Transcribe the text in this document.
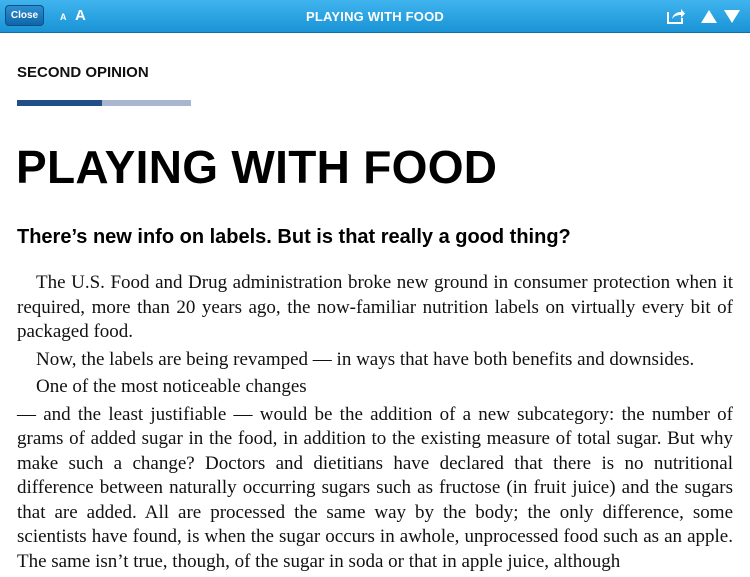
Close	A A	PLAYING WITH FOOD
SECOND OPINION
PLAYING WITH FOOD
There’s new info on labels. But is that really a good thing?

The U.S. Food and Drug administration broke new ground in consumer protection when it required, more than 20 years ago, the now-familiar nutrition labels on virtually every bit of packaged food.

Now, the labels are being revamped — in ways that have both benefits and downsides.

One of the most noticeable changes

— and the least justifiable — would be the addition of a new subcategory: the number of grams of added sugar in the food, in addition to the existing measure of total sugar. But why make such a change? Doctors and dietitians have declared that there is no nutritional difference between naturally occurring sugars such as fructose (in fruit juice) and the sugars that are added. All are processed the same way by the body; the only difference, some scientists have found, is when the sugar occurs in awhole, unprocessed food such as an apple. The same isn’t true, though, of the sugar in soda or that in apple juice, although
